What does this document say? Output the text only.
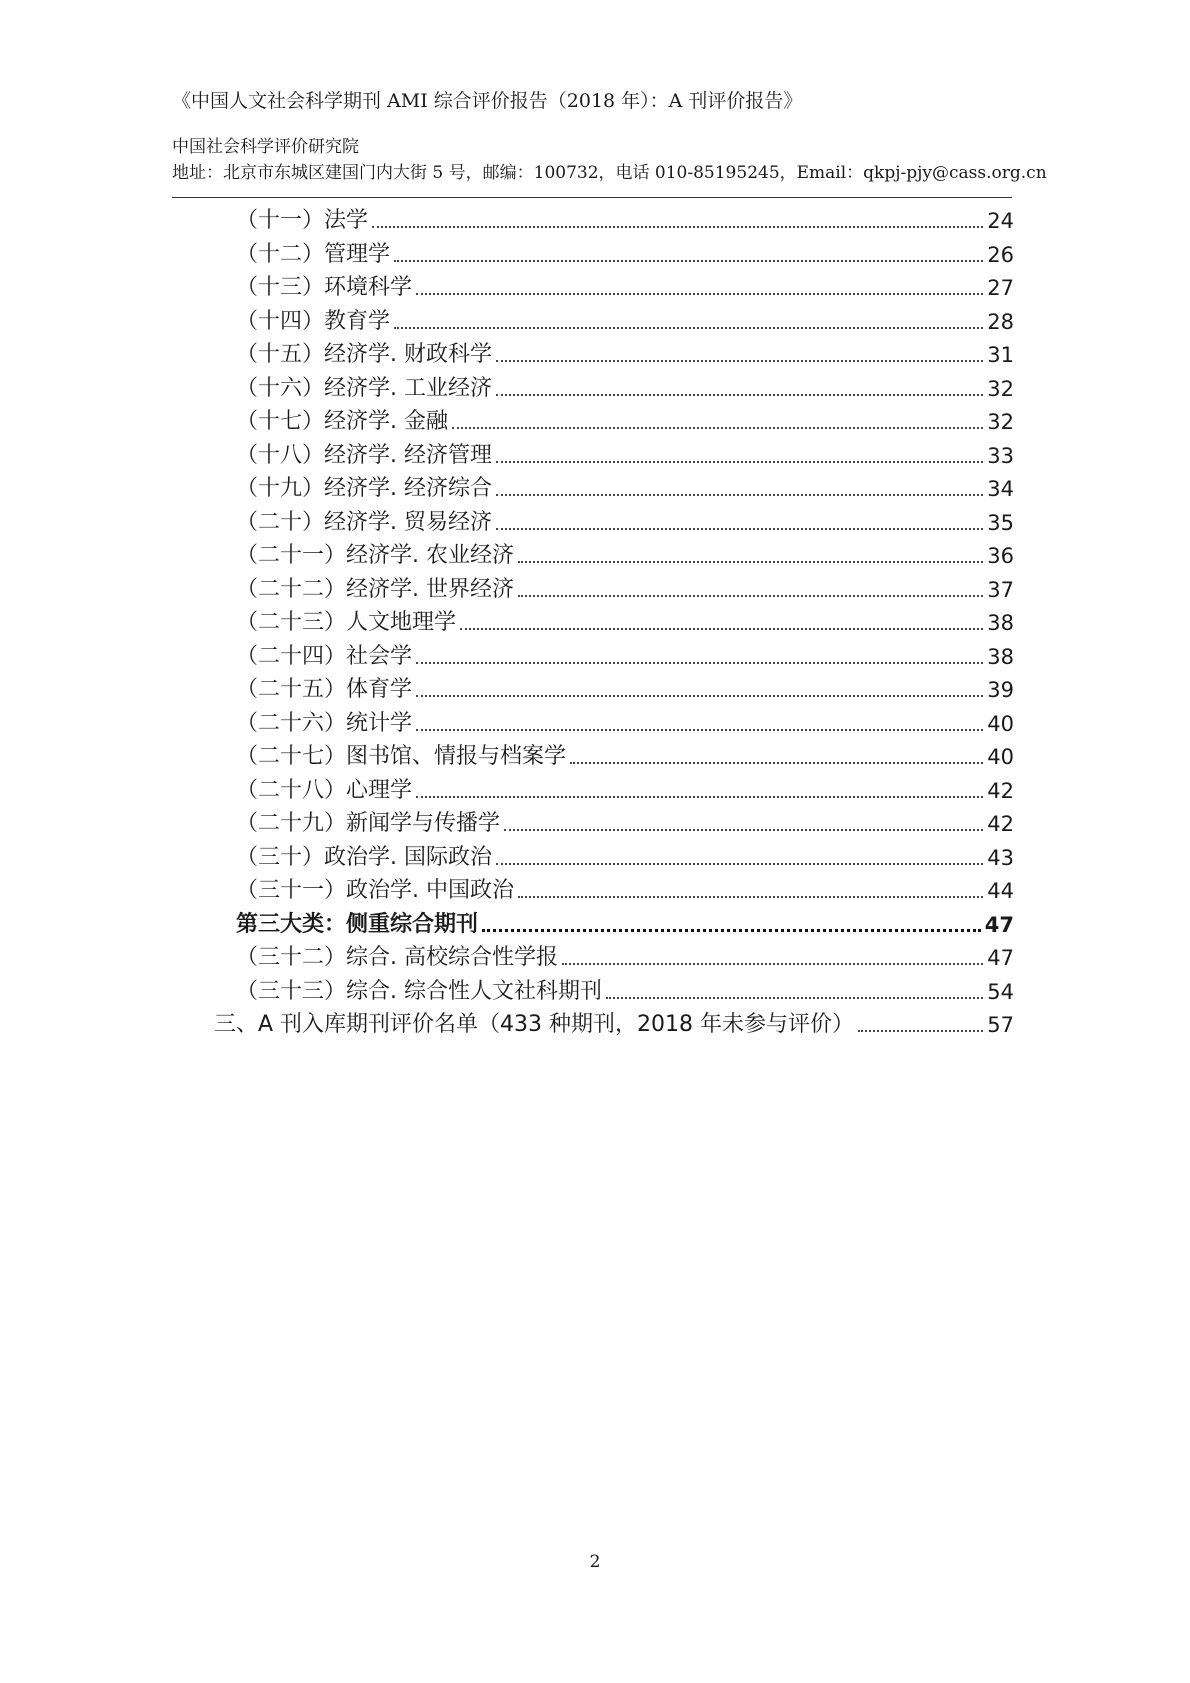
《中国人文社会科学期刊 AMI 综合评价报告（2018 年）：A 刊评价报告》
中国社会科学评价研究院
地址：北京市东城区建国门内大街 5 号，邮编：100732，电话 010-85195245，Email：qkpj-pjy@cass.org.cn
（十一）法学	24
（十二）管理学	26
（十三）环境科学	27
（十四）教育学	28
（十五）经济学. 财政科学	31
（十六）经济学. 工业经济	32
（十七）经济学. 金融	32
（十八）经济学. 经济管理	33
（十九）经济学. 经济综合	34
（二十）经济学. 贸易经济	35
（二十一）经济学. 农业经济	36
（二十二）经济学. 世界经济	37
（二十三）人文地理学	38
（二十四）社会学	38
（二十五）体育学	39
（二十六）统计学	40
（二十七）图书馆、情报与档案学	40
（二十八）心理学	42
（二十九）新闻学与传播学	42
（三十）政治学. 国际政治	43
（三十一）政治学. 中国政治	44
第三大类：侧重综合期刊	47
（三十二）综合. 高校综合性学报	47
（三十三）综合. 综合性人文社科期刊	54
三、A 刊入库期刊评价名单（433 种期刊，2018 年未参与评价）	57
2
